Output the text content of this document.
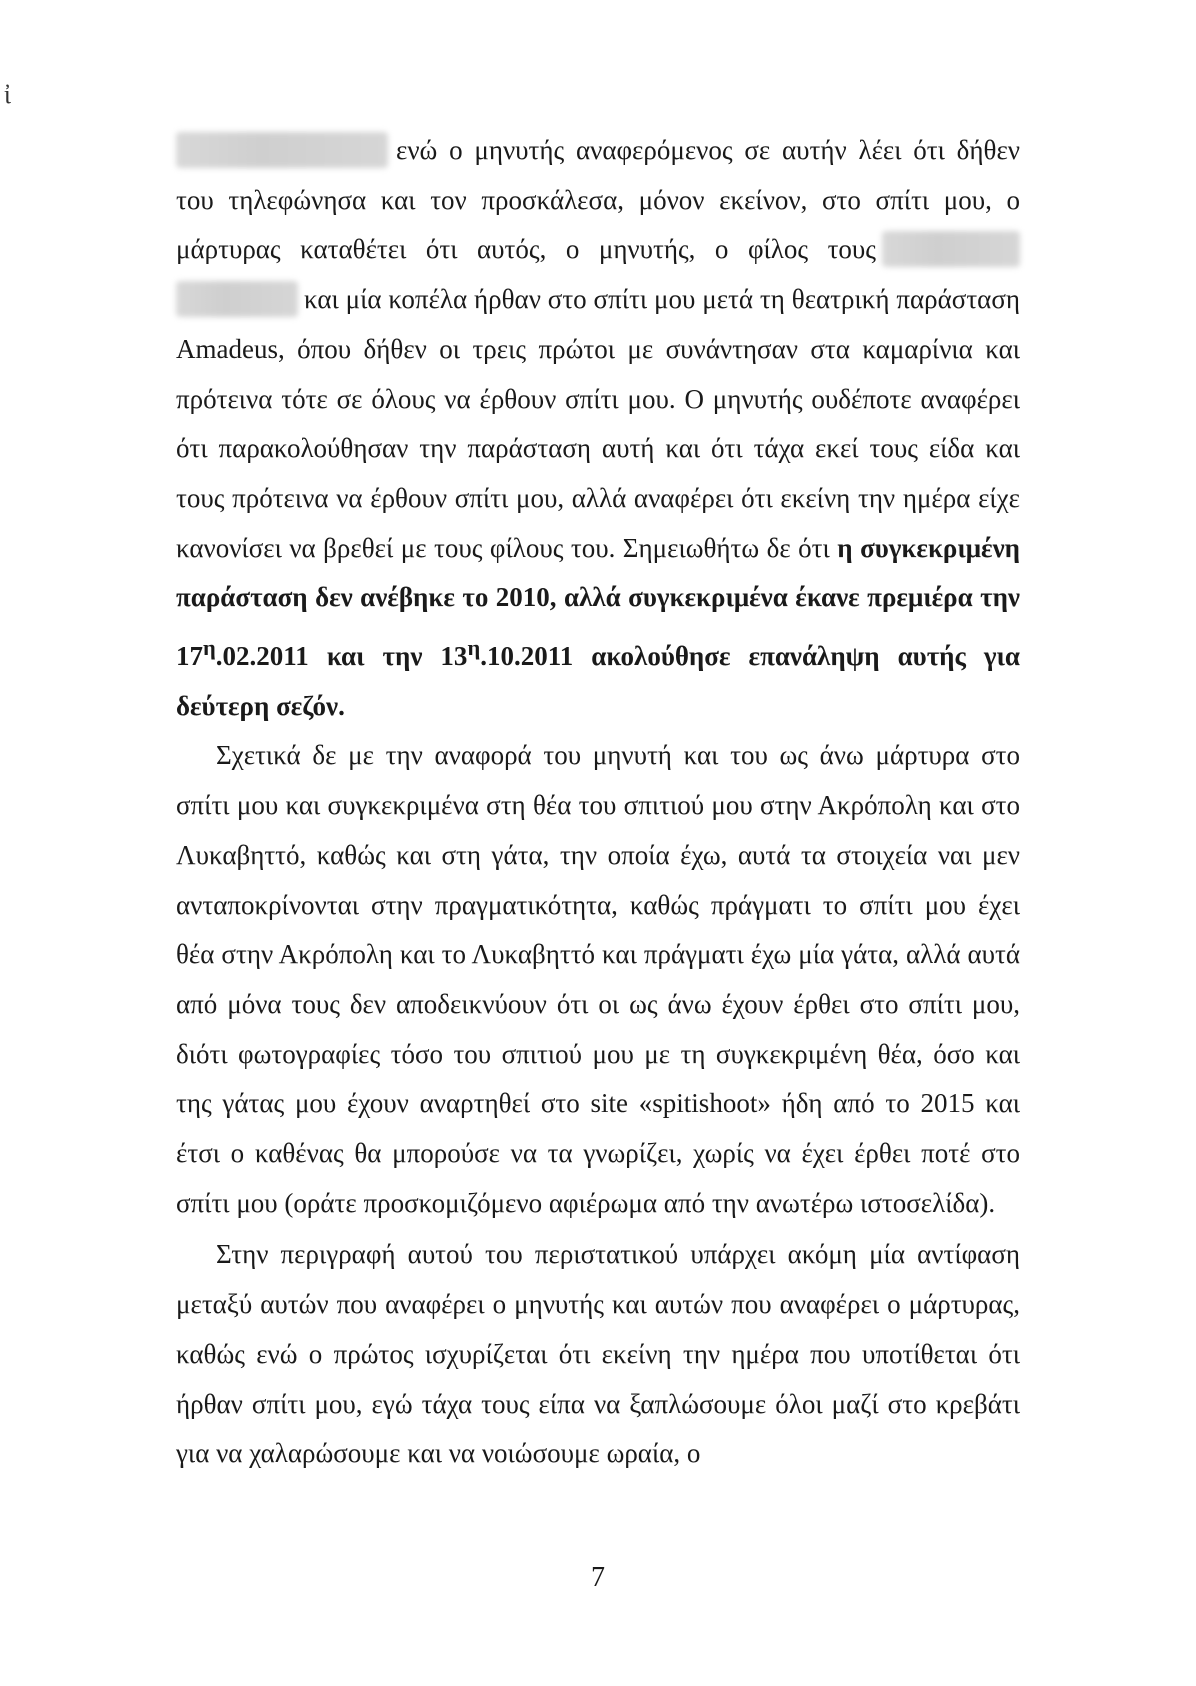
ἰ

ενώ ο μηνυτής αναφερόμενος σε αυτήν λέει ότι δήθεν του τηλεφώνησα και τον προσκάλεσα, μόνον εκείνον, στο σπίτι μου, ο μάρτυρας καταθέτει ότι αυτός, ο μηνυτής, ο φίλος τους και μία κοπέλα ήρθαν στο σπίτι μου μετά τη θεατρική παράσταση Amadeus, όπου δήθεν οι τρεις πρώτοι με συνάντησαν στα καμαρίνια και πρότεινα τότε σε όλους να έρθουν σπίτι μου. Ο μηνυτής ουδέποτε αναφέρει ότι παρακολούθησαν την παράσταση αυτή και ότι τάχα εκεί τους είδα και τους πρότεινα να έρθουν σπίτι μου, αλλά αναφέρει ότι εκείνη την ημέρα είχε κανονίσει να βρεθεί με τους φίλους του. Σημειωθήτω δε ότι η συγκεκριμένη παράσταση δεν ανέβηκε το 2010, αλλά συγκεκριμένα έκανε πρεμιέρα την $17^\eta.02.2011$ και την $13^\eta.10.2011$ ακολούθησε επανάληψη αυτής για δεύτερη σεζόν.

Σχετικά δε με την αναφορά του μηνυτή και του ως άνω μάρτυρα στο σπίτι μου και συγκεκριμένα στη θέα του σπιτιού μου στην Ακρόπολη και στο Λυκαβηττό, καθώς και στη γάτα, την οποία έχω, αυτά τα στοιχεία ναι μεν ανταποκρίνονται στην πραγματικότητα, καθώς πράγματι το σπίτι μου έχει θέα στην Ακρόπολη και το Λυκαβηττό και πράγματι έχω μία γάτα, αλλά αυτά από μόνα τους δεν αποδεικνύουν ότι οι ως άνω έχουν έρθει στο σπίτι μου, διότι φωτογραφίες τόσο του σπιτιού μου με τη συγκεκριμένη θέα, όσο και της γάτας μου έχουν αναρτηθεί στο site «spitishoot» ήδη από το 2015 και έτσι ο καθένας θα μπορούσε να τα γνωρίζει, χωρίς να έχει έρθει ποτέ στο σπίτι μου (οράτε προσκομιζόμενο αφιέρωμα από την ανωτέρω ιστοσελίδα).

Στην περιγραφή αυτού του περιστατικού υπάρχει ακόμη μία αντίφαση μεταξύ αυτών που αναφέρει ο μηνυτής και αυτών που αναφέρει ο μάρτυρας, καθώς ενώ ο πρώτος ισχυρίζεται ότι εκείνη την ημέρα που υποτίθεται ότι ήρθαν σπίτι μου, εγώ τάχα τους είπα να ξαπλώσουμε όλοι μαζί στο κρεβάτι για να χαλαρώσουμε και να νοιώσουμε ωραία, ο

7
